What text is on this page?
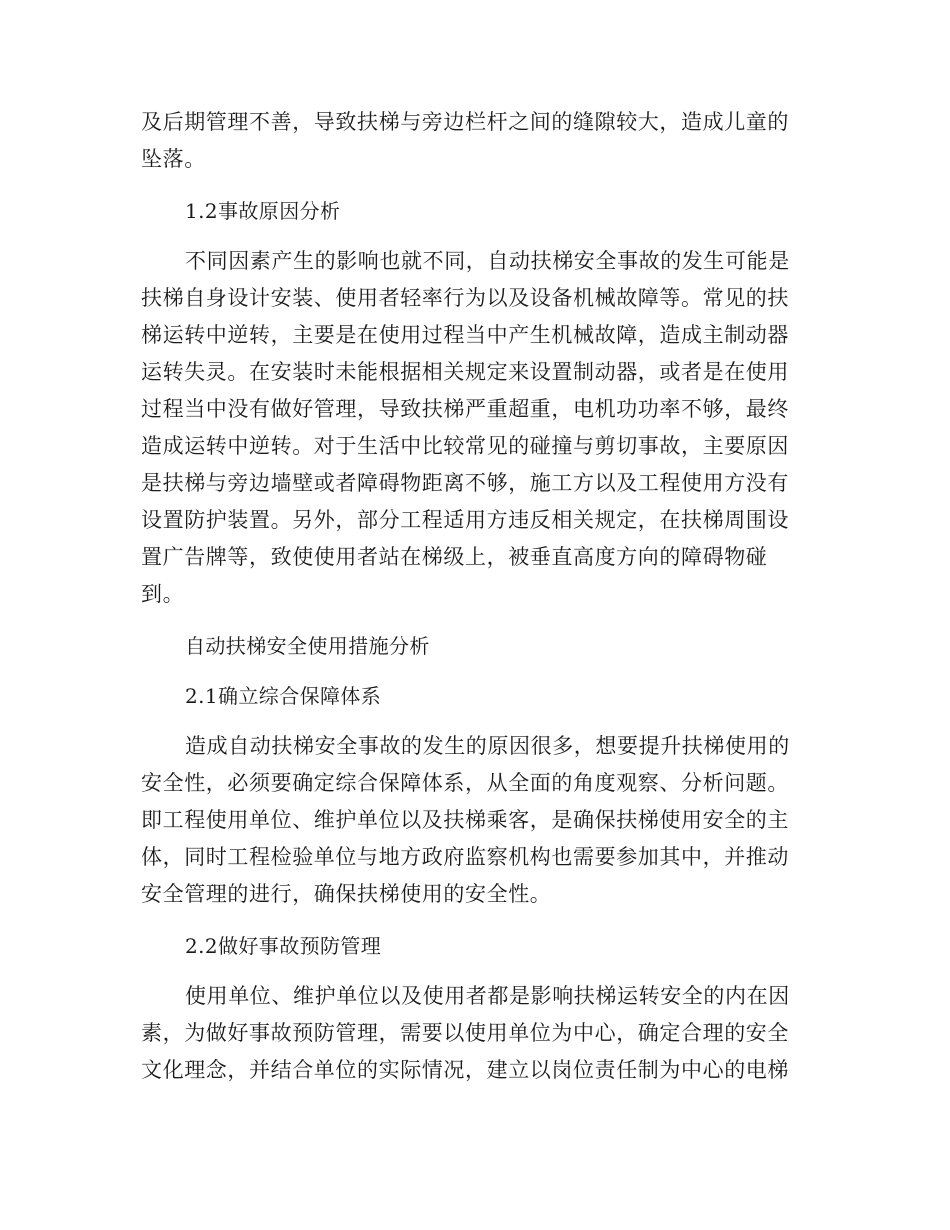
及后期管理不善，导致扶梯与旁边栏杆之间的缝隙较大，造成儿童的
坠落。
1.2事故原因分析
不同因素产生的影响也就不同，自动扶梯安全事故的发生可能是
扶梯自身设计安装、使用者轻率行为以及设备机械故障等。常见的扶
梯运转中逆转，主要是在使用过程当中产生机械故障，造成主制动器
运转失灵。在安装时未能根据相关规定来设置制动器，或者是在使用
过程当中没有做好管理，导致扶梯严重超重，电机功功率不够，最终
造成运转中逆转。对于生活中比较常见的碰撞与剪切事故，主要原因
是扶梯与旁边墙壁或者障碍物距离不够，施工方以及工程使用方没有
设置防护装置。另外，部分工程适用方违反相关规定，在扶梯周围设
置广告牌等，致使使用者站在梯级上，被垂直高度方向的障碍物碰
到。
自动扶梯安全使用措施分析
2.1确立综合保障体系
造成自动扶梯安全事故的发生的原因很多，想要提升扶梯使用的
安全性，必须要确定综合保障体系，从全面的角度观察、分析问题。
即工程使用单位、维护单位以及扶梯乘客，是确保扶梯使用安全的主
体，同时工程检验单位与地方政府监察机构也需要参加其中，并推动
安全管理的进行，确保扶梯使用的安全性。
2.2做好事故预防管理
使用单位、维护单位以及使用者都是影响扶梯运转安全的内在因
素，为做好事故预防管理，需要以使用单位为中心，确定合理的安全
文化理念，并结合单位的实际情况，建立以岗位责任制为中心的电梯
